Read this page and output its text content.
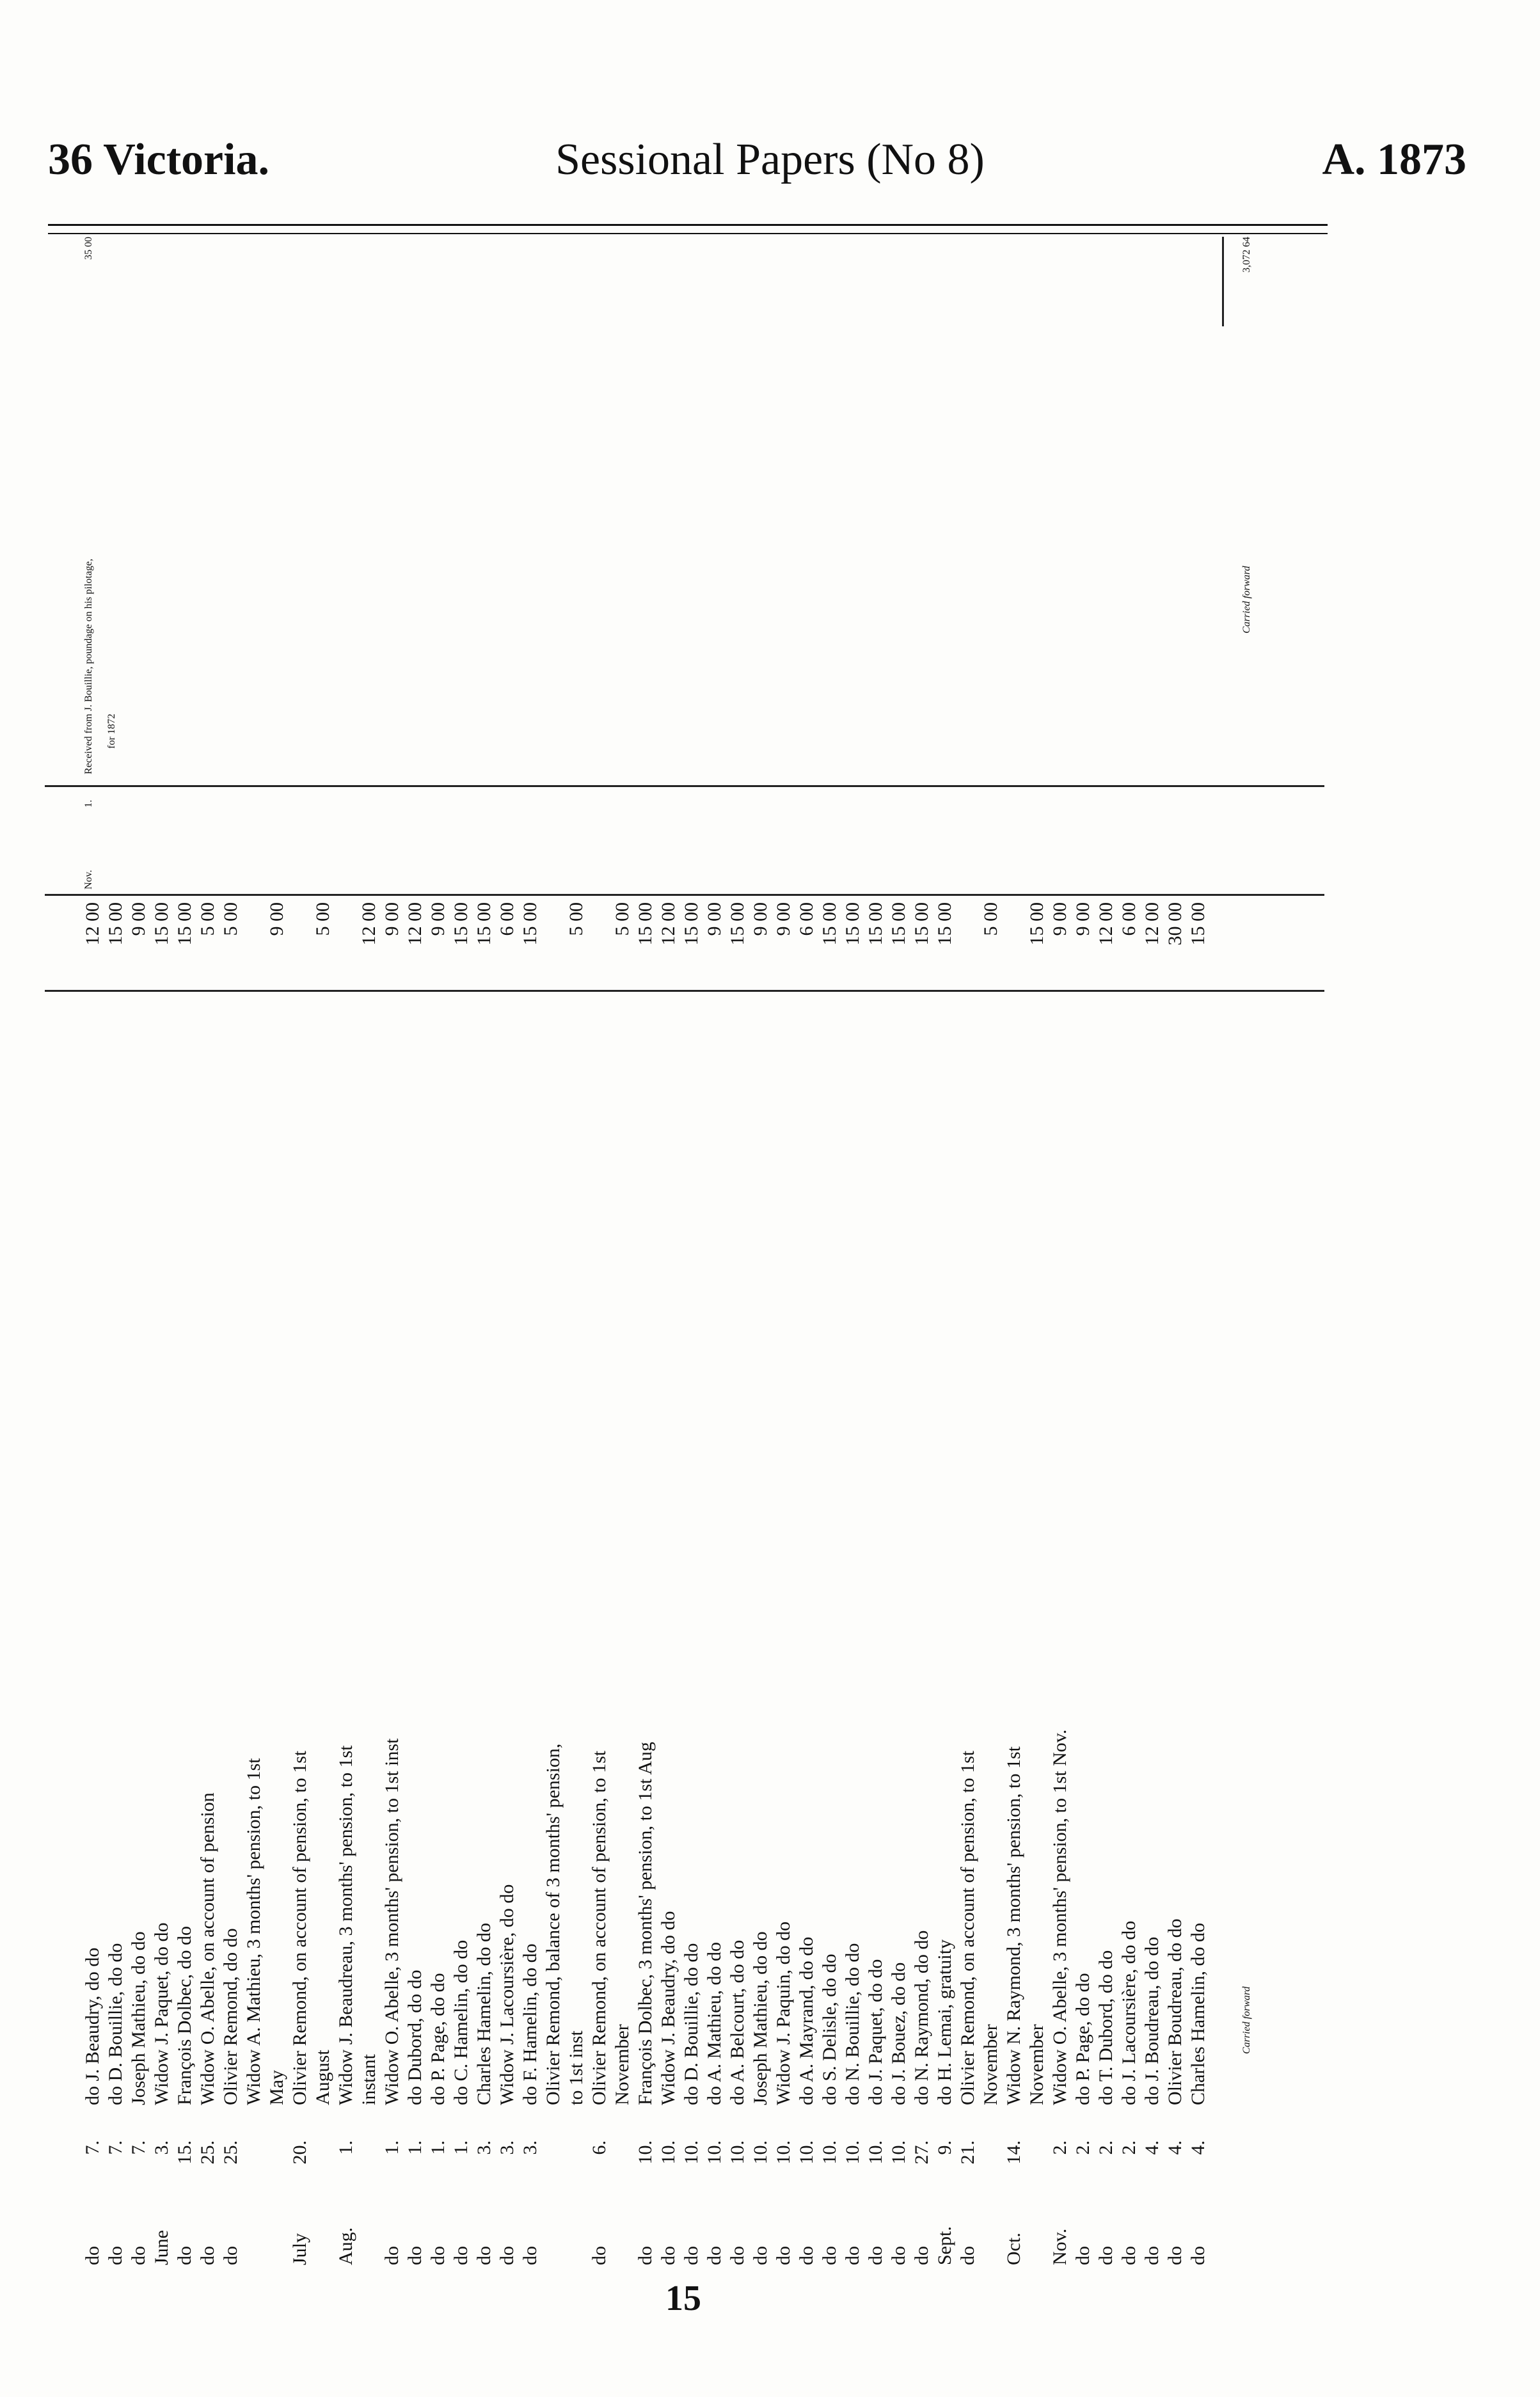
36 Victoria.	Sessional Papers (No 8)	A. 1873
do
7.
do J. Beaudry, do do
12 00
do
7.
do D. Bouillie, do do
15 00
do
7.
Joseph Mathieu, do do
9 00
June
3.
Widow J. Paquet, do do
15 00
do
15.
François Dolbec, do do
15 00
do
25.
Widow O. Abelle, on account of pension
5 00
do
25.
Olivier Remond, do do
5 00
Widow A. Mathieu, 3 months' pension, to 1st May
9 00
July
20.
Olivier Remond, on account of pension, to 1st August
5 00
Aug.
1.
Widow J. Beaudreau, 3 months' pension, to 1st instant
12 00
do
1.
Widow O. Abelle, 3 months' pension, to 1st inst
9 00
do
1.
do Dubord, do do
12 00
do
1.
do P. Page, do do
9 00
do
1.
do C. Hamelin, do do
15 00
do
3.
Charles Hamelin, do do
15 00
do
3.
Widow J. Lacoursière, do do
6 00
do
3.
do F. Hamelin, do do
15 00
Olivier Remond, balance of 3 months' pension, to 1st inst
5 00
do
6.
Olivier Remond, on account of pension, to 1st November
5 00
do
10.
François Dolbec, 3 months' pension, to 1st Aug
15 00
do
10.
Widow J. Beaudry, do do
12 00
do
10.
do D. Bouillie, do do
15 00
do
10.
do A. Mathieu, do do
9 00
do
10.
do A. Belcourt, do do
15 00
do
10.
Joseph Mathieu, do do
9 00
do
10.
Widow J. Paquin, do do
9 00
do
10.
do A. Mayrand, do do
6 00
do
10.
do S. Delisle, do do
15 00
do
10.
do N. Bouillie, do do
15 00
do
10.
do J. Paquet, do do
15 00
do
10.
do J. Bouez, do do
15 00
do
27.
do N. Raymond, do do
15 00
Sept.
9.
do H. Lemai, gratuity
15 00
do
21.
Olivier Remond, on account of pension, to 1st November
5 00
Oct.
14.
Widow N. Raymond, 3 months' pension, to 1st November
15 00
Nov.
2.
Widow O. Abelle, 3 months' pension, to 1st Nov.
9 00
do
2.
do P. Page, do do
9 00
do
2.
do T. Dubord, do do
12 00
do
2.
do J. Lacoursière, do do
6 00
do
4.
do J. Boudreau, do do
12 00
do
4.
Olivier Boudreau, do do
30 00
do
4.
Charles Hamelin, do do
15 00
Nov.
1.
Received from J. Bouillie, poundage on his pilotage,
35 00
for 1872
Carried forward
3,072 64
Carried forward
15
